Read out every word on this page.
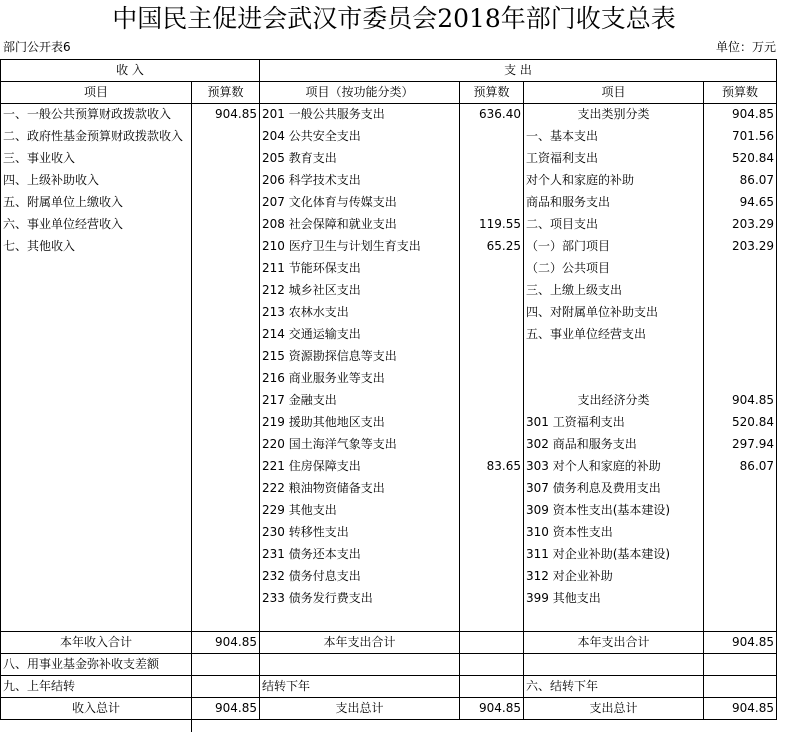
中国民主促进会武汉市委员会2018年部门收支总表
部门公开表6	单位：万元
收 入		支 出			
项目	预算数	项目（按功能分类）	预算数	项目	预算数
一、一般公共预算财政拨款收入	904.85	201 一般公共服务支出	636.40	支出类别分类	904.85
二、政府性基金预算财政拨款收入		204 公共安全支出		一、基本支出	701.56
三、事业收入		205 教育支出		工资福利支出	520.84
四、上级补助收入		206 科学技术支出		对个人和家庭的补助	86.07
五、附属单位上缴收入		207 文化体育与传媒支出		商品和服务支出	94.65
六、事业单位经营收入		208 社会保障和就业支出	119.55	二、项目支出	203.29
七、其他收入		210 医疗卫生与计划生育支出	65.25	（一）部门项目	203.29
		211 节能环保支出		（二）公共项目	
		212 城乡社区支出		三、上缴上级支出	
		213 农林水支出		四、对附属单位补助支出	
		214 交通运输支出		五、事业单位经营支出	
		215 资源勘探信息等支出			
		216 商业服务业等支出			
		217 金融支出		支出经济分类	904.85
		219 援助其他地区支出		301 工资福利支出	520.84
		220 国土海洋气象等支出		302 商品和服务支出	297.94
		221 住房保障支出	83.65	303 对个人和家庭的补助	86.07
		222 粮油物资储备支出		307 债务利息及费用支出	
		229 其他支出		309 资本性支出(基本建设)	
		230 转移性支出		310 资本性支出	
		231 债务还本支出		311 对企业补助(基本建设)	
		232 债务付息支出		312 对企业补助	
		233 债务发行费支出		399 其他支出	

本年收入合计	904.85	本年支出合计		本年支出合计	904.85
八、用事业基金弥补收支差额					
九、上年结转		结转下年		六、结转下年	
收入总计	904.85	支出总计	904.85	支出总计	904.85
